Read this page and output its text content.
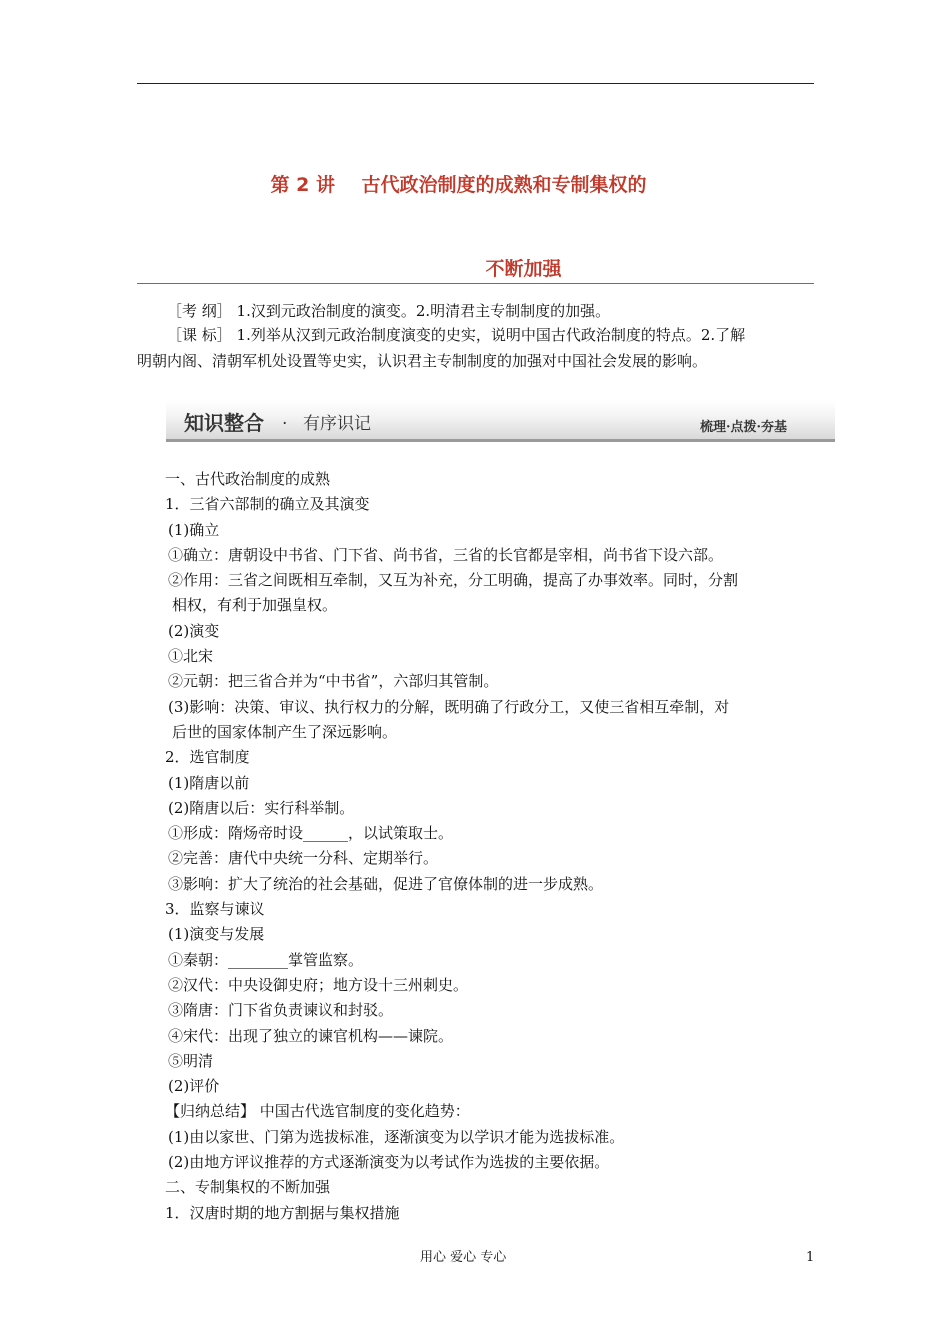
第 2 讲    古代政治制度的成熟和专制集权的
不断加强
［考 纲］ 1.汉到元政治制度的演变。2.明清君主专制制度的加强。
［课 标］ 1.列举从汉到元政治制度演变的史实，说明中国古代政治制度的特点。2.了解
明朝内阁、清朝军机处设置等史实，认识君主专制制度的加强对中国社会发展的影响。
知识整合 · 有序识记	梳理·点拨·夯基
一、古代政治制度的成熟
1．三省六部制的确立及其演变
(1)确立
①确立：唐朝设中书省、门下省、尚书省，三省的长官都是宰相，尚书省下设六部。
②作用：三省之间既相互牵制，又互为补充，分工明确，提高了办事效率。同时，分割
相权，有利于加强皇权。
(2)演变
①北宋
②元朝：把三省合并为“中书省”，六部归其管制。
(3)影响：决策、审议、执行权力的分解，既明确了行政分工，又使三省相互牵制，对
后世的国家体制产生了深远影响。
2．选官制度
(1)隋唐以前
(2)隋唐以后：实行科举制。
①形成：隋炀帝时设______，以试策取士。
②完善：唐代中央统一分科、定期举行。
③影响：扩大了统治的社会基础，促进了官僚体制的进一步成熟。
3．监察与谏议
(1)演变与发展
①秦朝：________掌管监察。
②汉代：中央设御史府；地方设十三州刺史。
③隋唐：门下省负责谏议和封驳。
④宋代：出现了独立的谏官机构——谏院。
⑤明清
(2)评价
【归纳总结】 中国古代选官制度的变化趋势：
(1)由以家世、门第为选拔标准，逐渐演变为以学识才能为选拔标准。
(2)由地方评议推荐的方式逐渐演变为以考试作为选拔的主要依据。
二、专制集权的不断加强
1．汉唐时期的地方割据与集权措施
用心 爱心 专心	1
